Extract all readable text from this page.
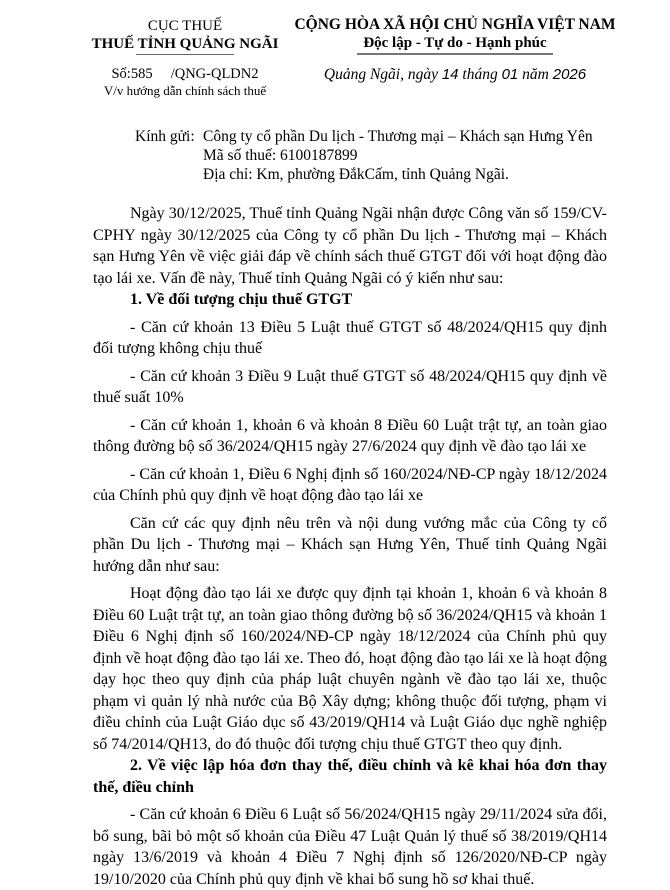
CỤC THUẾ
THUẾ TỈNH QUẢNG NGÃI
Số:585 /QNG-QLDN2
V/v hướng dẫn chính sách thuế
CỘNG HÒA XÃ HỘI CHỦ NGHĨA VIỆT NAM
Độc lập - Tự do - Hạnh phúc
Quảng Ngãi, ngày 14 tháng 01 năm 2026
Kính gửi: Công ty cổ phần Du lịch - Thương mại – Khách sạn Hưng Yên
Mã số thuế: 6100187899
Địa chỉ: Km, phường ĐắkCấm, tỉnh Quảng Ngãi.

Ngày 30/12/2025, Thuế tỉnh Quảng Ngãi nhận được Công văn số 159/CV-CPHY ngày 30/12/2025 của Công ty cổ phần Du lịch - Thương mại – Khách sạn Hưng Yên về việc giải đáp về chính sách thuế GTGT đối với hoạt động đào tạo lái xe. Vấn đề này, Thuế tỉnh Quảng Ngãi có ý kiến như sau:

1. Về đối tượng chịu thuế GTGT

- Căn cứ khoản 13 Điều 5 Luật thuế GTGT số 48/2024/QH15 quy định đối tượng không chịu thuế

- Căn cứ khoản 3 Điều 9 Luật thuế GTGT số 48/2024/QH15 quy định về thuế suất 10%

- Căn cứ khoản 1, khoản 6 và khoản 8 Điều 60 Luật trật tự, an toàn giao thông đường bộ số 36/2024/QH15 ngày 27/6/2024 quy định về đào tạo lái xe

- Căn cứ khoản 1, Điều 6 Nghị định số 160/2024/NĐ-CP ngày 18/12/2024 của Chính phủ quy định về hoạt động đào tạo lái xe

Căn cứ các quy định nêu trên và nội dung vướng mắc của Công ty cổ phần Du lịch - Thương mại – Khách sạn Hưng Yên, Thuế tỉnh Quảng Ngãi hướng dẫn như sau:

Hoạt động đào tạo lái xe được quy định tại khoản 1, khoản 6 và khoản 8 Điều 60 Luật trật tự, an toàn giao thông đường bộ số 36/2024/QH15 và khoản 1 Điều 6 Nghị định số 160/2024/NĐ-CP ngày 18/12/2024 của Chính phủ quy định về hoạt động đào tạo lái xe. Theo đó, hoạt động đào tạo lái xe là hoạt động dạy học theo quy định của pháp luật chuyên ngành về đào tạo lái xe, thuộc phạm vi quản lý nhà nước của Bộ Xây dựng; không thuộc đối tượng, phạm vi điều chỉnh của Luật Giáo dục số 43/2019/QH14 và Luật Giáo dục nghề nghiệp số 74/2014/QH13, do đó thuộc đối tượng chịu thuế GTGT theo quy định.

2. Về việc lập hóa đơn thay thế, điều chỉnh và kê khai hóa đơn thay thế, điều chỉnh

- Căn cứ khoản 6 Điều 6 Luật số 56/2024/QH15 ngày 29/11/2024 sửa đổi, bổ sung, bãi bỏ một số khoản của Điều 47 Luật Quản lý thuế số 38/2019/QH14 ngày 13/6/2019 và khoản 4 Điều 7 Nghị định số 126/2020/NĐ-CP ngày 19/10/2020 của Chính phủ quy định về khai bổ sung hồ sơ khai thuế.
